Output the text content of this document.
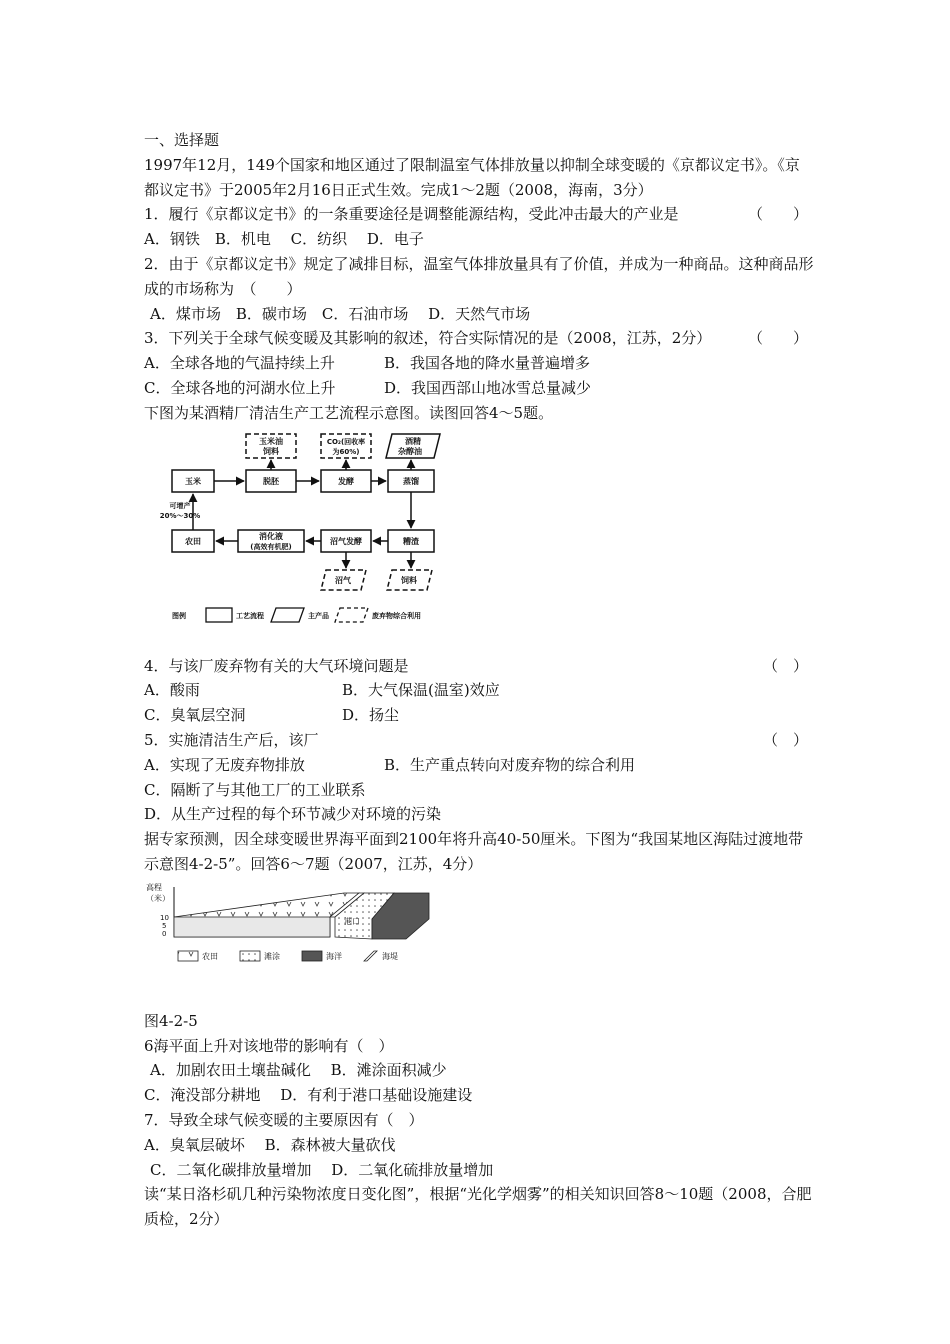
一、选择题
1997年12月，149个国家和地区通过了限制温室气体排放量以抑制全球变暖的《京都议定书》。《京都议定书》于2005年2月16日正式生效。完成1～2题（2008，海南，3分）
1．履行《京都议定书》的一条重要途径是调整能源结构，受此冲击最大的产业是	（　　）
A．钢铁　B．机电　 C．纺织　 D．电子
2．由于《京都议定书》规定了减排目标，温室气体排放量具有了价值，并成为一种商品。这种商品形成的市场称为　（　　）
A．煤市场　B．碳市场　C．石油市场　 D．天然气市场
3．下列关于全球气候变暖及其影响的叙述，符合实际情况的是（2008，江苏，2分） （　　）
A．全球各地的气温持续上升	B．我国各地的降水量普遍增多
C．全球各地的河湖水位上升	D．我国西部山地冰雪总量减少
下图为某酒精厂清洁生产工艺流程示意图。读图回答4～5题。
玉米油
饲料
CO₂(回收率
为60%)
酒精
杂醇油
玉米	脱胚	发酵	蒸馏
农田
消化液
(高效有机肥)
沼气发酵	糟渣
沼气	饲料
可增产
20%～30%
图例	工艺流程	主产品	废弃物综合利用
4．与该厂废弃物有关的大气环境问题是	（　）
A．酸雨	B．大气保温(温室)效应
C．臭氧层空洞	D．扬尘
5．实施清洁生产后，该厂	（　）
A．实现了无废弃物排放	B．生产重点转向对废弃物的综合利用
C．隔断了与其他工厂的工业联系
D．从生产过程的每个环节减少对环境的污染
据专家预测，因全球变暖世界海平面到2100年将升高40-50厘米。下图为“我国某地区海陆过渡地带示意图4-2-5”。回答6～7题（2007，江苏，4分）
高程
（米）
10
5
0
港口
农田	滩涂	海洋	海堤
图4-2-5
6海平面上升对该地带的影响有（　）
A．加剧农田土壤盐碱化　 B．滩涂面积减少
C．淹没部分耕地　 D．有利于港口基础设施建设
7．导致全球气候变暖的主要原因有（　）
A．臭氧层破坏　 B．森林被大量砍伐
C．二氧化碳排放量增加　 D．二氧化硫排放量增加
读“某日洛杉矶几种污染物浓度日变化图”，根据“光化学烟雾”的相关知识回答8～10题（2008，合肥质检，2分）
